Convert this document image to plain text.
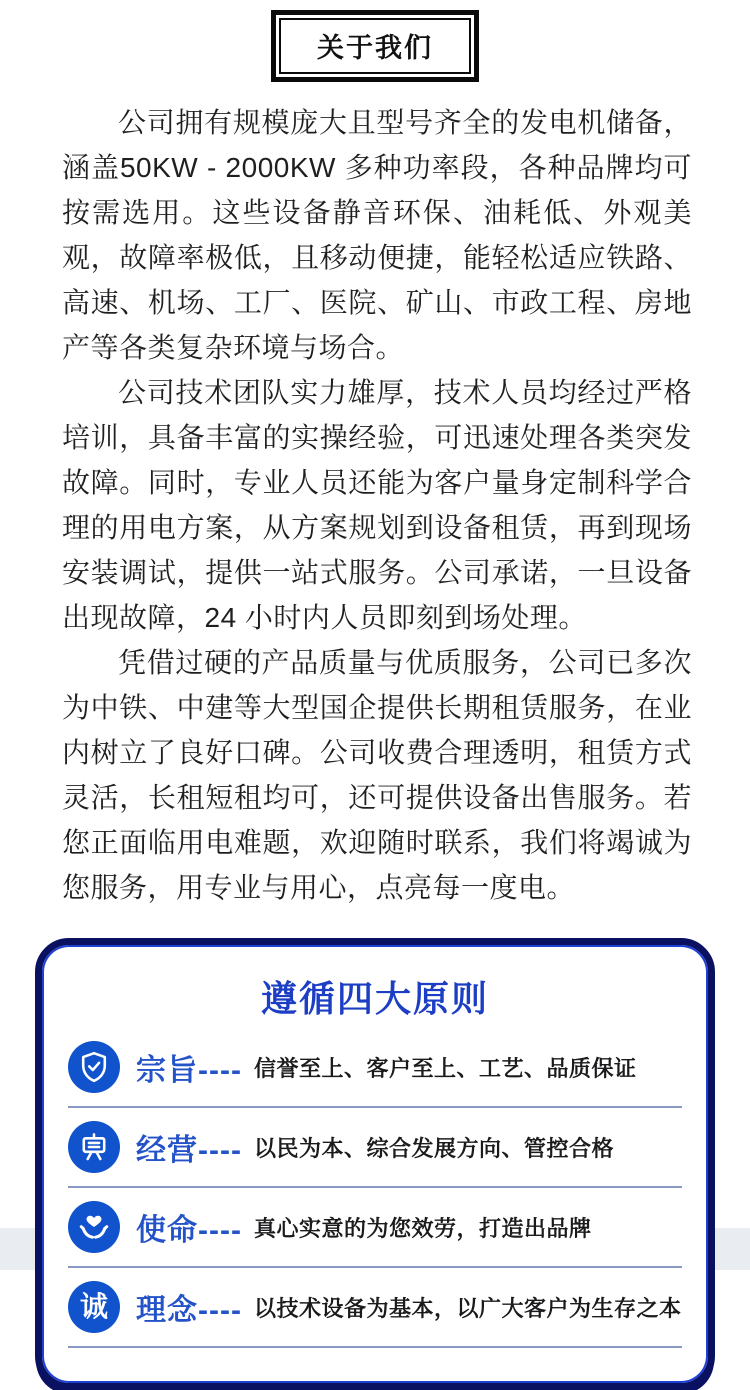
关于我们

公司拥有规模庞大且型号齐全的发电机储备，涵盖50KW - 2000KW 多种功率段，各种品牌均可按需选用。这些设备静音环保、油耗低、外观美观，故障率极低，且移动便捷，能轻松适应铁路、高速、机场、工厂、医院、矿山、市政工程、房地产等各类复杂环境与场合。

公司技术团队实力雄厚，技术人员均经过严格培训，具备丰富的实操经验，可迅速处理各类突发故障。同时，专业人员还能为客户量身定制科学合理的用电方案，从方案规划到设备租赁，再到现场安装调试，提供一站式服务。公司承诺，一旦设备出现故障，24 小时内人员即刻到场处理。

凭借过硬的产品质量与优质服务，公司已多次为中铁、中建等大型国企提供长期租赁服务，在业内树立了良好口碑。公司收费合理透明，租赁方式灵活，长租短租均可，还可提供设备出售服务。若您正面临用电难题，欢迎随时联系，我们将竭诚为您服务，用专业与用心，点亮每一度电。

遵循四大原则
宗旨---- 信誉至上、客户至上、工艺、品质保证
经营---- 以民为本、综合发展方向、管控合格
使命---- 真心实意的为您效劳，打造出品牌
诚 理念---- 以技术设备为基本，以广大客户为生存之本
